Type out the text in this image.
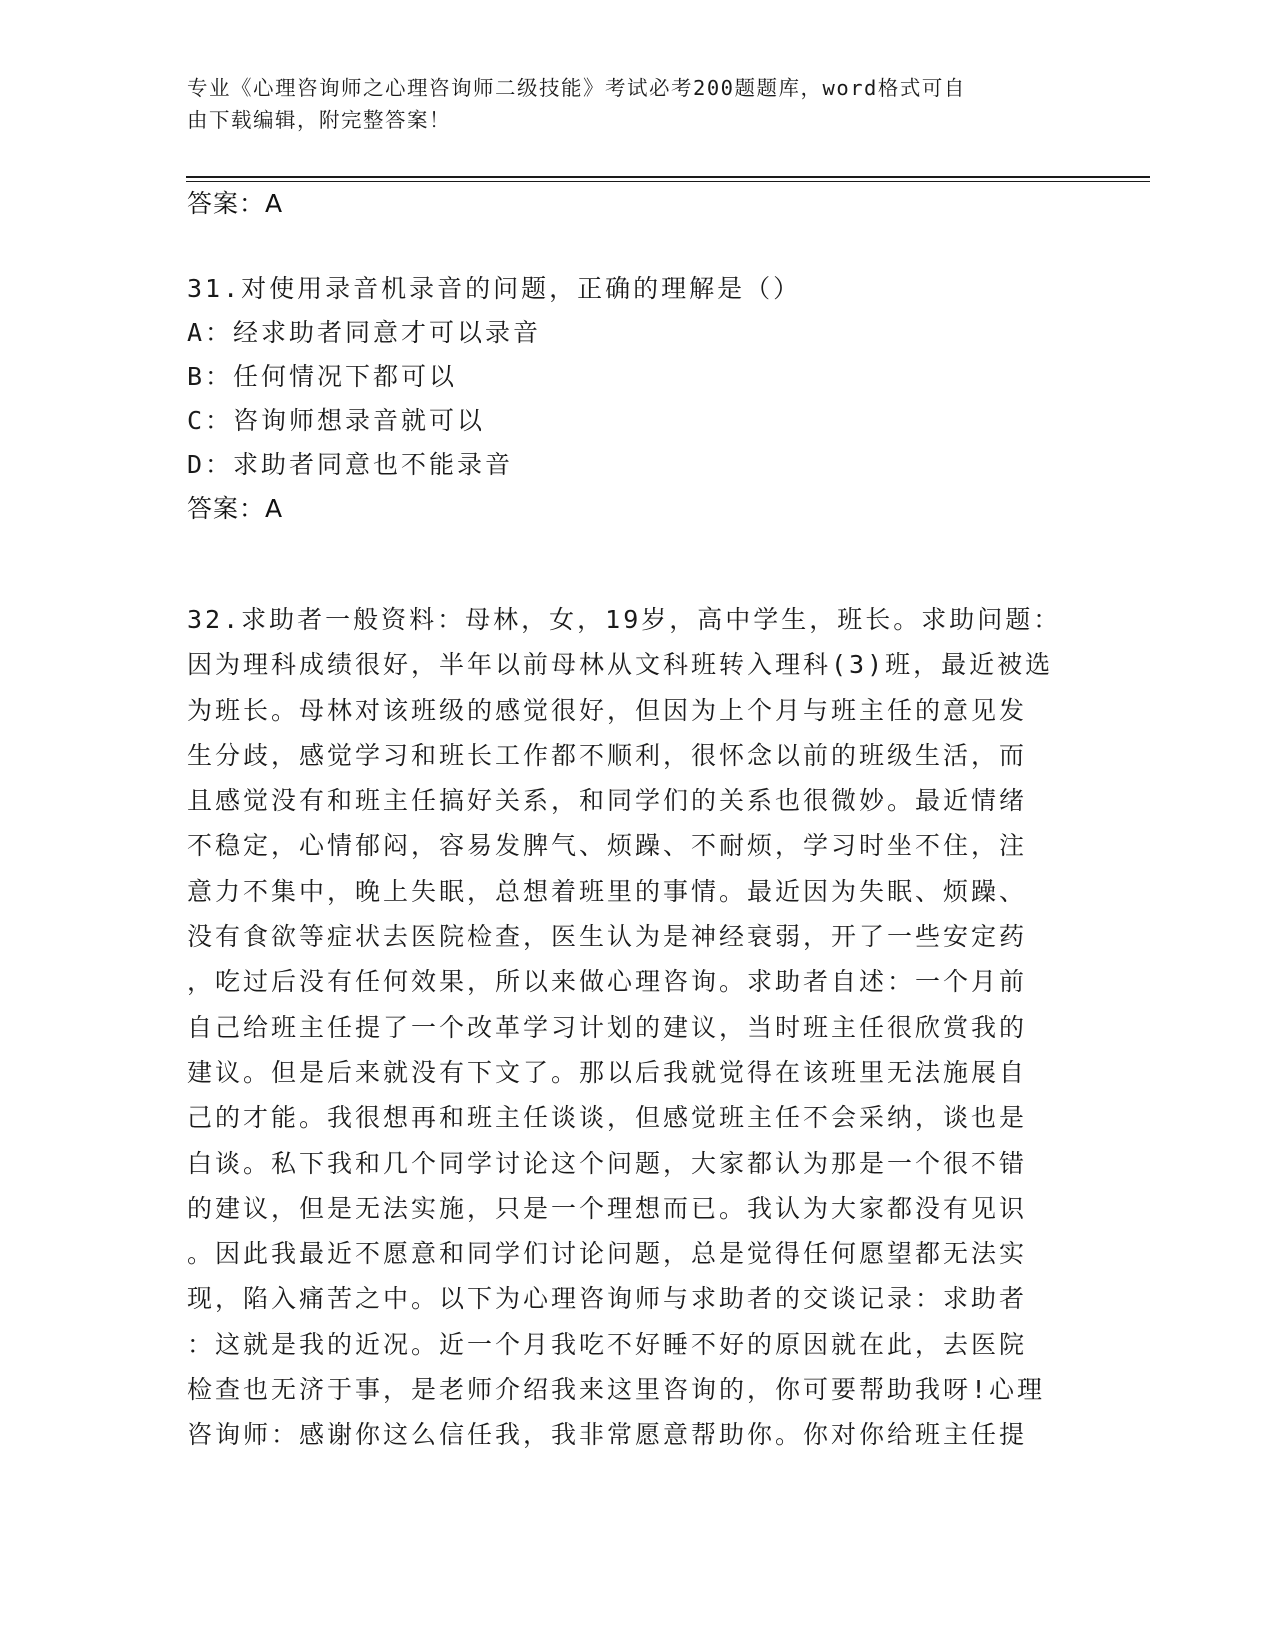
专业《心理咨询师之心理咨询师二级技能》考试必考200题题库，word格式可自
由下载编辑，附完整答案！
答案：A
31.对使用录音机录音的问题，正确的理解是（）
A：经求助者同意才可以录音
B：任何情况下都可以
C：咨询师想录音就可以
D：求助者同意也不能录音
答案：A
32.求助者一般资料：母林，女，19岁，高中学生，班长。求助问题：
因为理科成绩很好，半年以前母林从文科班转入理科(3)班，最近被选
为班长。母林对该班级的感觉很好，但因为上个月与班主任的意见发
生分歧，感觉学习和班长工作都不顺利，很怀念以前的班级生活，而
且感觉没有和班主任搞好关系，和同学们的关系也很微妙。最近情绪
不稳定，心情郁闷，容易发脾气、烦躁、不耐烦，学习时坐不住，注
意力不集中，晚上失眠，总想着班里的事情。最近因为失眠、烦躁、
没有食欲等症状去医院检查，医生认为是神经衰弱，开了一些安定药
，吃过后没有任何效果，所以来做心理咨询。求助者自述：一个月前
自己给班主任提了一个改革学习计划的建议，当时班主任很欣赏我的
建议。但是后来就没有下文了。那以后我就觉得在该班里无法施展自
己的才能。我很想再和班主任谈谈，但感觉班主任不会采纳，谈也是
白谈。私下我和几个同学讨论这个问题，大家都认为那是一个很不错
的建议，但是无法实施，只是一个理想而已。我认为大家都没有见识
。因此我最近不愿意和同学们讨论问题，总是觉得任何愿望都无法实
现，陷入痛苦之中。以下为心理咨询师与求助者的交谈记录：求助者
：这就是我的近况。近一个月我吃不好睡不好的原因就在此，去医院
检查也无济于事，是老师介绍我来这里咨询的，你可要帮助我呀!心理
咨询师：感谢你这么信任我，我非常愿意帮助你。你对你给班主任提
